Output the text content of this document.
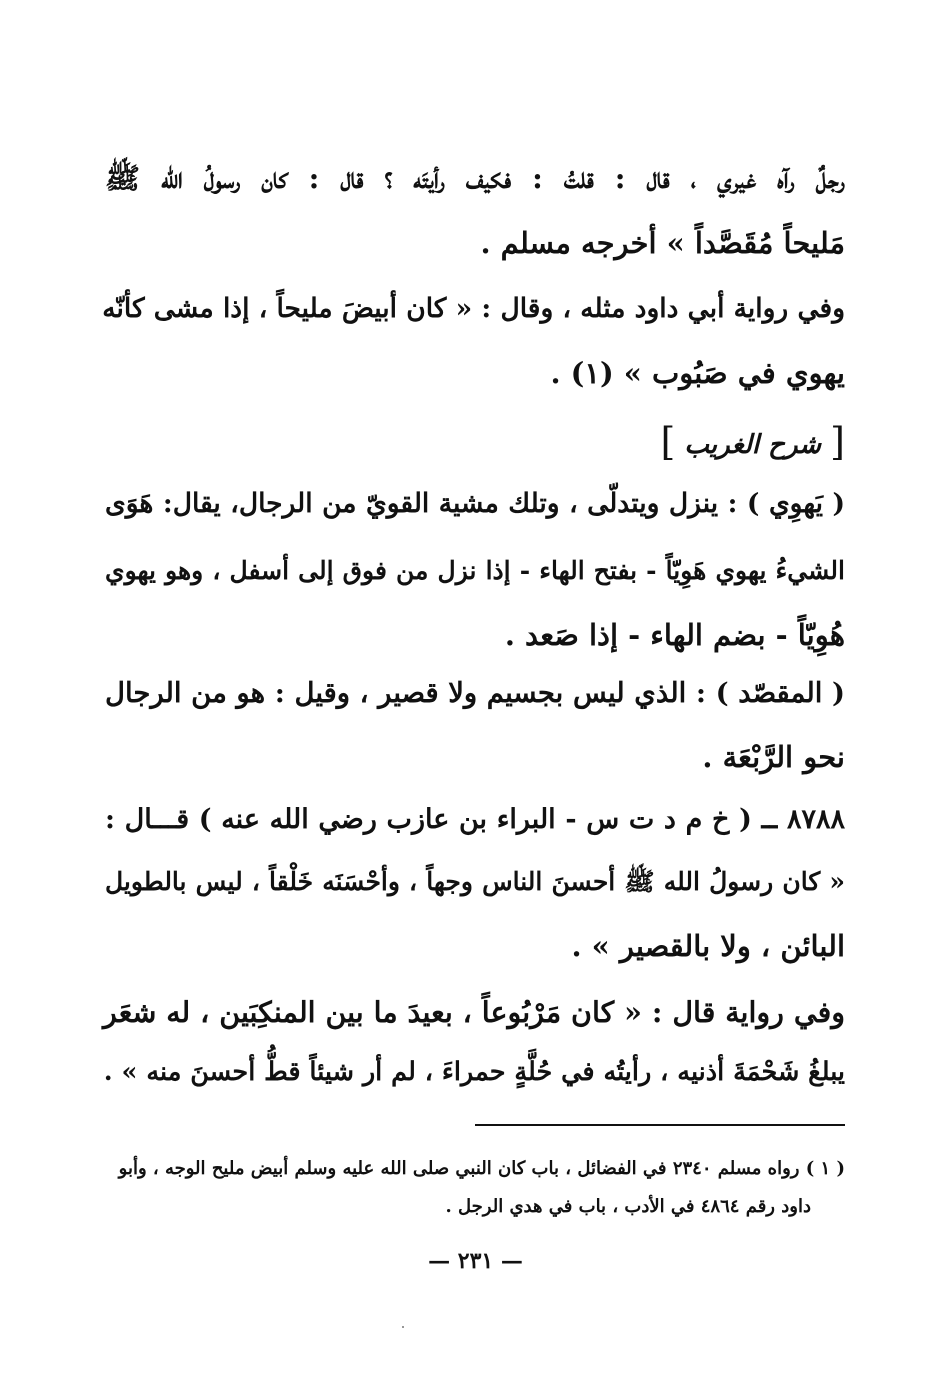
رجلٌ رآه غيري ، قال : قلتُ : فكيف رأيتَه ؟ قال : كان رسولُ الله ﷺ
مَليحاً مُقَصَّداً » أخرجه مسلم .
وفي رواية أبي داود مثله ، وقال : « كان أبيضَ مليحاً ، إذا مشى كأنّه
يهوي في صَبُوب » (١) .
[ شرح الغريب ]
( يَهوِي ) : ينزل ويتدلّى ، وتلك مشية القويّ من الرجال، يقال: هَوَى
الشيءُ يهوي هَوِيّاً - بفتح الهاء - إذا نزل من فوق إلى أسفل ، وهو يهوي
هُوِيّاً - بضم الهاء - إذا صَعد .
( المقصّد ) : الذي ليس بجسيم ولا قصير ، وقيل : هو من الرجال
نحو الرَّبْعَة .
٨٧٨٨ ــ ( خ م د ت س - البراء بن عازب رضي الله عنه ) قـــال :
« كان رسولُ الله ﷺ أحسنَ الناس وجهاً ، وأحْسَنَه خَلْقاً ، ليس بالطويل
البائن ، ولا بالقصير » .
وفي رواية قال : « كان مَرْبُوعاً ، بعيدَ ما بين المنكِبَين ، له شعَر
يبلغُ شَحْمَةَ أذنيه ، رأيتُه في حُلَّةٍ حمراءَ ، لم أر شيئاً قطُّ أحسنَ منه » .
( ١ ) رواه مسلم ٢٣٤٠ في الفضائل ، باب كان النبي صلى الله عليه وسلم أبيض مليح الوجه ، وأبو
داود رقم ٤٨٦٤ في الأدب ، باب في هدي الرجل .
— ٢٣١ —
